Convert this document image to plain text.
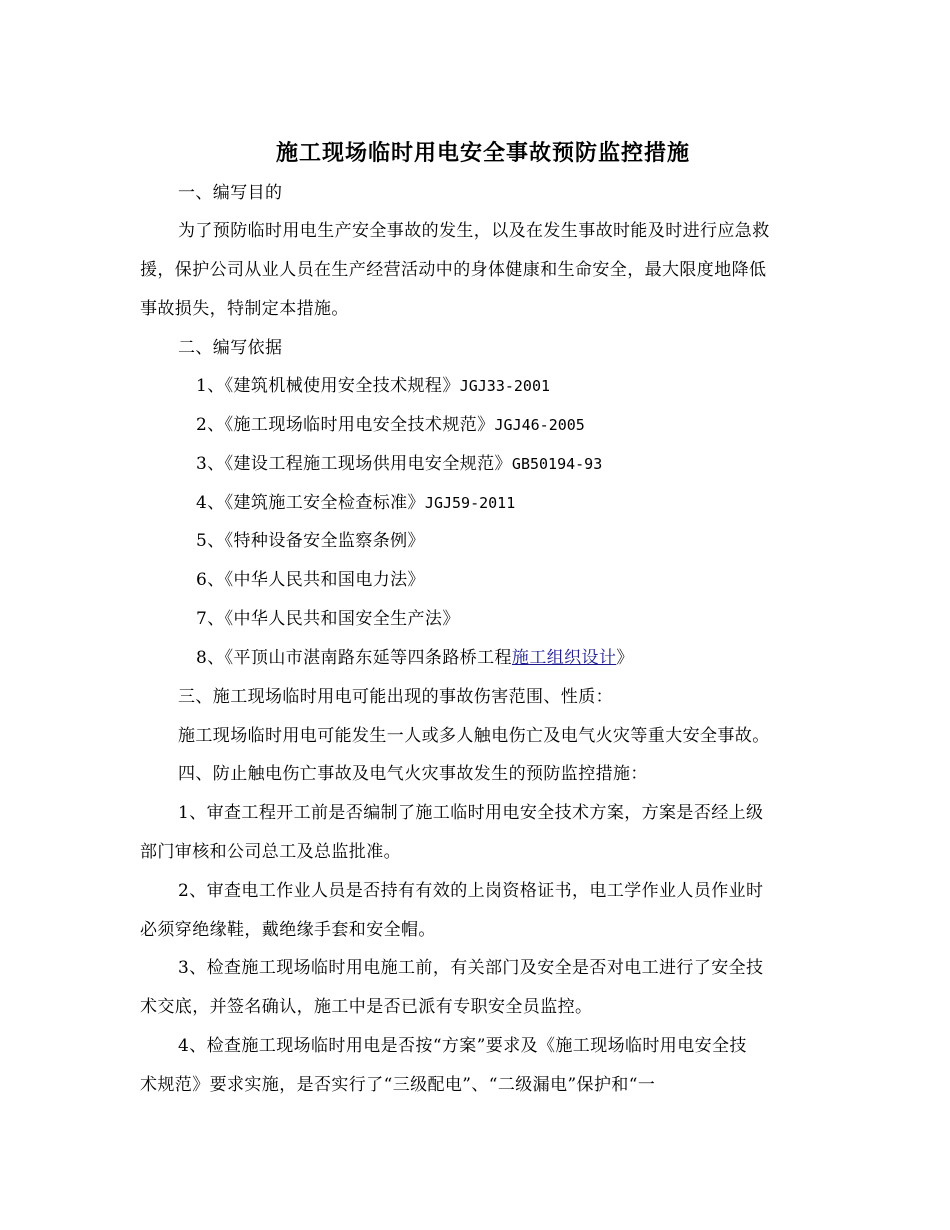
施工现场临时用电安全事故预防监控措施
一、编写目的
为了预防临时用电生产安全事故的发生，以及在发生事故时能及时进行应急救
援，保护公司从业人员在生产经营活动中的身体健康和生命安全，最大限度地降低
事故损失，特制定本措施。
二、编写依据
1、《建筑机械使用安全技术规程》JGJ33-2001
2、《施工现场临时用电安全技术规范》JGJ46-2005
3、《建设工程施工现场供用电安全规范》GB50194-93
4、《建筑施工安全检查标准》JGJ59-2011
5、《特种设备安全监察条例》
6、《中华人民共和国电力法》
7、《中华人民共和国安全生产法》
8、《平顶山市湛南路东延等四条路桥工程施工组织设计》
三、施工现场临时用电可能出现的事故伤害范围、性质：
施工现场临时用电可能发生一人或多人触电伤亡及电气火灾等重大安全事故。
四、防止触电伤亡事故及电气火灾事故发生的预防监控措施：
1、审查工程开工前是否编制了施工临时用电安全技术方案，方案是否经上级
部门审核和公司总工及总监批准。
2、审查电工作业人员是否持有有效的上岗资格证书，电工学作业人员作业时
必须穿绝缘鞋，戴绝缘手套和安全帽。
3、检查施工现场临时用电施工前，有关部门及安全是否对电工进行了安全技
术交底，并签名确认，施工中是否已派有专职安全员监控。
4、检查施工现场临时用电是否按“方案”要求及《施工现场临时用电安全技
术规范》要求实施，是否实行了“三级配电”、“二级漏电”保护和“一
